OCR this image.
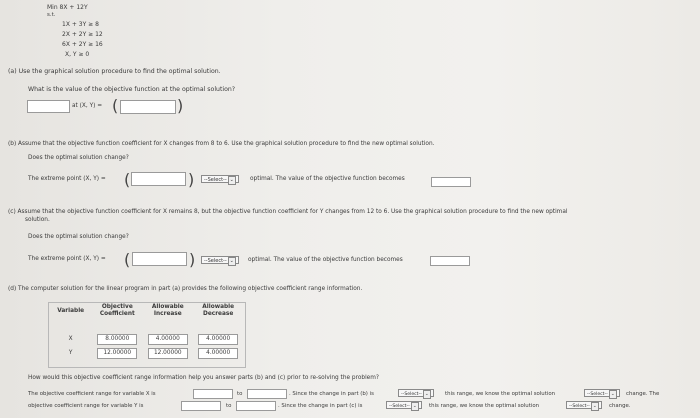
Min 8X + 12Y
s.t.
1X + 3Y ≥ 8
2X + 2Y ≥ 12
6X + 2Y ≥ 16
X, Y ≥ 0
(a) Use the graphical solution procedure to find the optimal solution.
What is the value of the objective function at the optimal solution?
at (X, Y) = (	)
(b) Assume that the objective function coefficient for X changes from 8 to 6. Use the graphical solution procedure to find the new optimal solution.
Does the optimal solution change?
The extreme point (X, Y) = (	)	--Select-- ⌄	optimal. The value of the objective function becomes
(c) Assume that the objective function coefficient for X remains 8, but the objective function coefficient for Y changes from 12 to 6. Use the graphical solution procedure to find the new optimal
solution.
Does the optimal solution change?
The extreme point (X, Y) = (	)	--Select-- ⌄	optimal. The value of the objective function becomes
(d) The computer solution for the linear program in part (a) provides the following objective coefficient range information.
Variable	Objective Coefficient	Allowable Increase	Allowable Decrease

X	8.00000	4.00000	4.00000
Y	12.00000	12.00000	4.00000
How would this objective coefficient range information help you answer parts (b) and (c) prior to re-solving the problem?
The objective coefficient range for variable X is	to	. Since the change in part (b) is	--Select-- ⌄	this range, we know the optimal solution	--Select-- ⌄	change. The
objective coefficient range for variable Y is	to	. Since the change in part (c) is	--Select-- ⌄	this range, we know the optimal solution	--Select-- ⌄	change.
